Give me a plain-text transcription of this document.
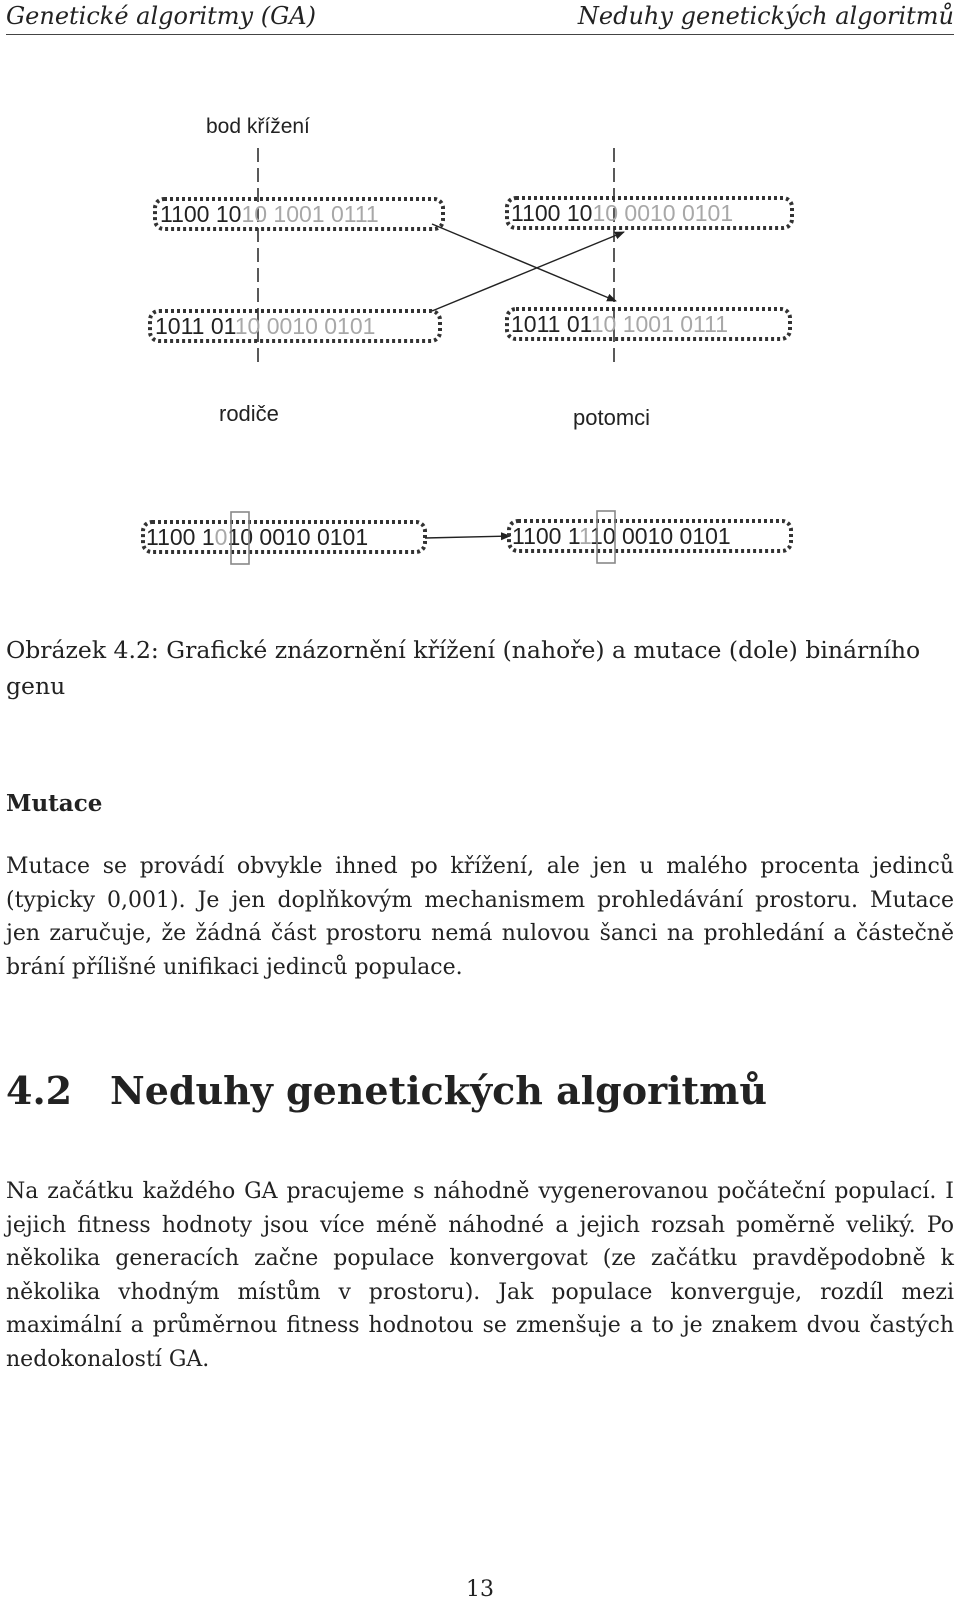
Genetické algoritmy (GA)	Neduhy genetických algoritmů
bod křížení
1100 1010 1001 0111
1011 0110 0010 0101
1100 1010 0010 0101
1011 0110 1001 0111
rodiče	potomci
1100 1010 0010 0101	1100 1110 0010 0101
Obrázek 4.2: Grafické znázornění křížení (nahoře) a mutace (dole) binárního genu
Mutace
Mutace se provádí obvykle ihned po křížení, ale jen u malého procenta jedinců (typicky 0,001). Je jen doplňkovým mechanismem prohledávání prostoru. Mutace jen zaručuje, že žádná část prostoru nemá nulovou šanci na prohledání a částečně brání přílišné unifikaci jedinců populace.
4.2 Neduhy genetických algoritmů
Na začátku každého GA pracujeme s náhodně vygenerovanou počáteční populací. I jejich fitness hodnoty jsou více méně náhodné a jejich rozsah poměrně veliký. Po několika generacích začne populace konvergovat (ze začátku pravděpodobně k několika vhodným místům v prostoru). Jak populace konverguje, rozdíl mezi maximální a průměrnou fitness hodnotou se zmenšuje a to je znakem dvou častých nedokonalostí GA.
13
